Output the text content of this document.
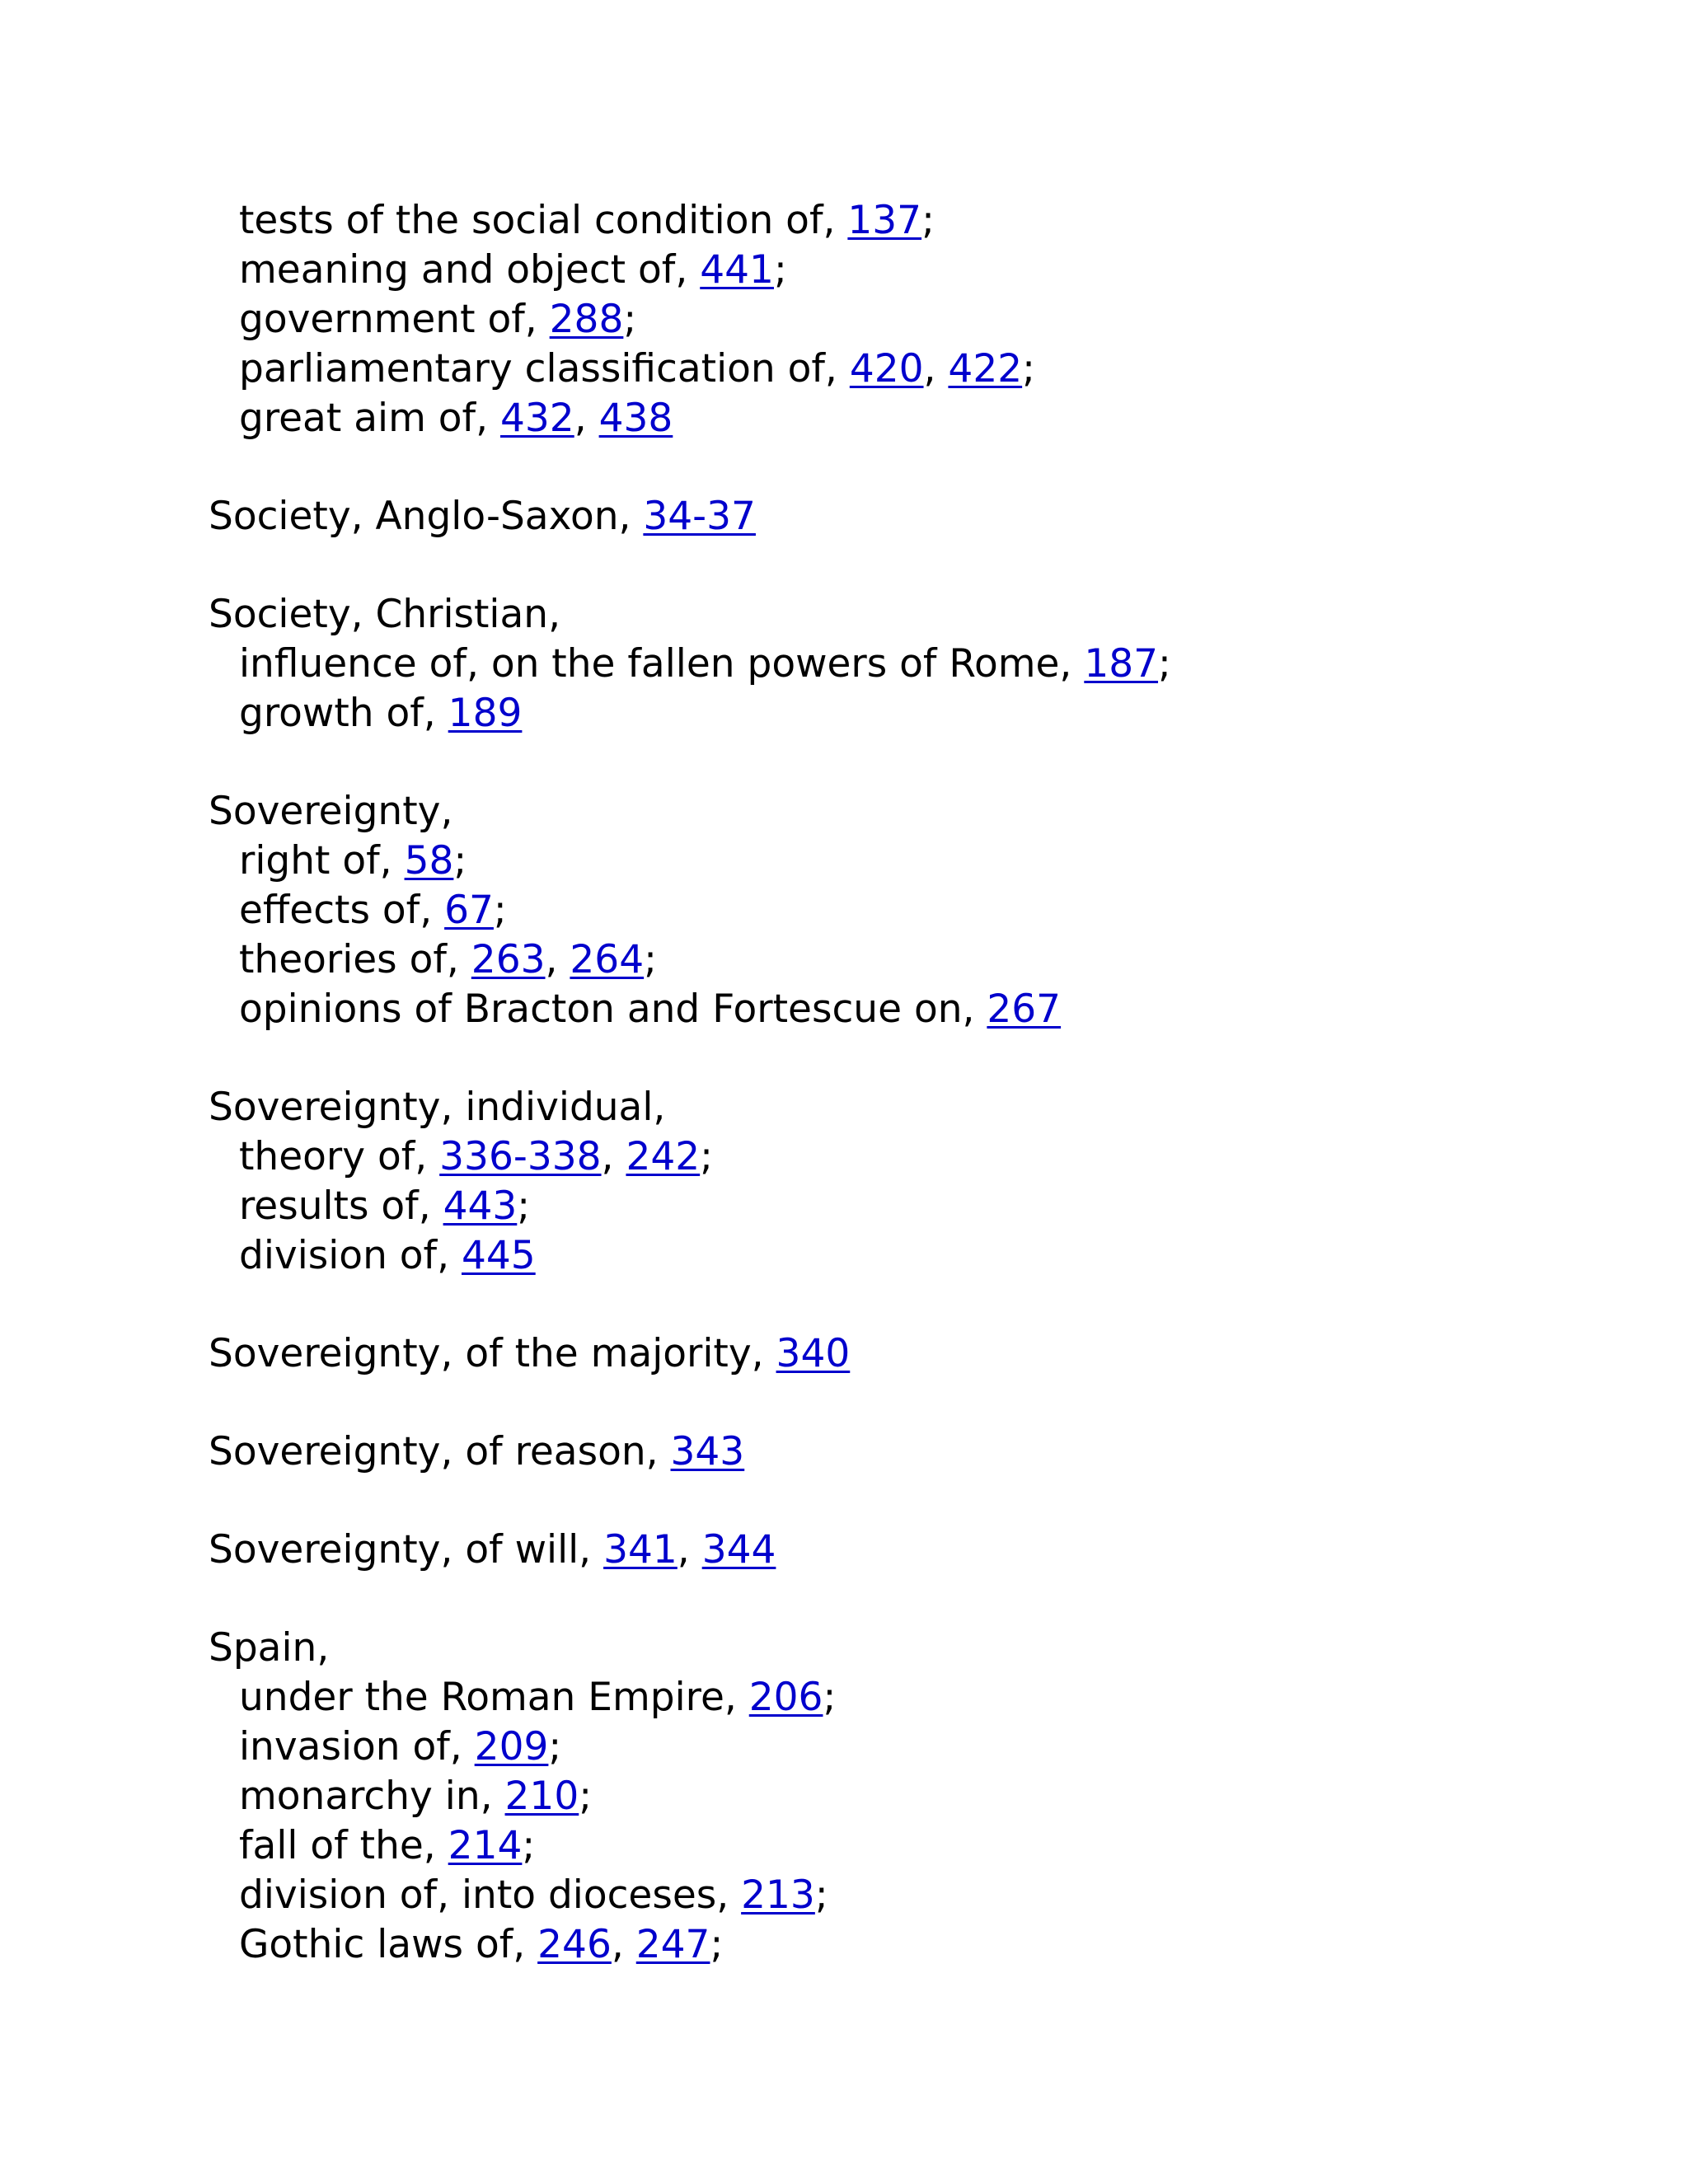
tests of the social condition of, 137;
meaning and object of, 441;
government of, 288;
parliamentary classification of, 420, 422;
great aim of, 432, 438
Society, Anglo-Saxon, 34-37
Society, Christian,
influence of, on the fallen powers of Rome, 187;
growth of, 189
Sovereignty,
right of, 58;
effects of, 67;
theories of, 263, 264;
opinions of Bracton and Fortescue on, 267
Sovereignty, individual,
theory of, 336-338, 242;
results of, 443;
division of, 445
Sovereignty, of the majority, 340
Sovereignty, of reason, 343
Sovereignty, of will, 341, 344
Spain,
under the Roman Empire, 206;
invasion of, 209;
monarchy in, 210;
fall of the, 214;
division of, into dioceses, 213;
Gothic laws of, 246, 247;
